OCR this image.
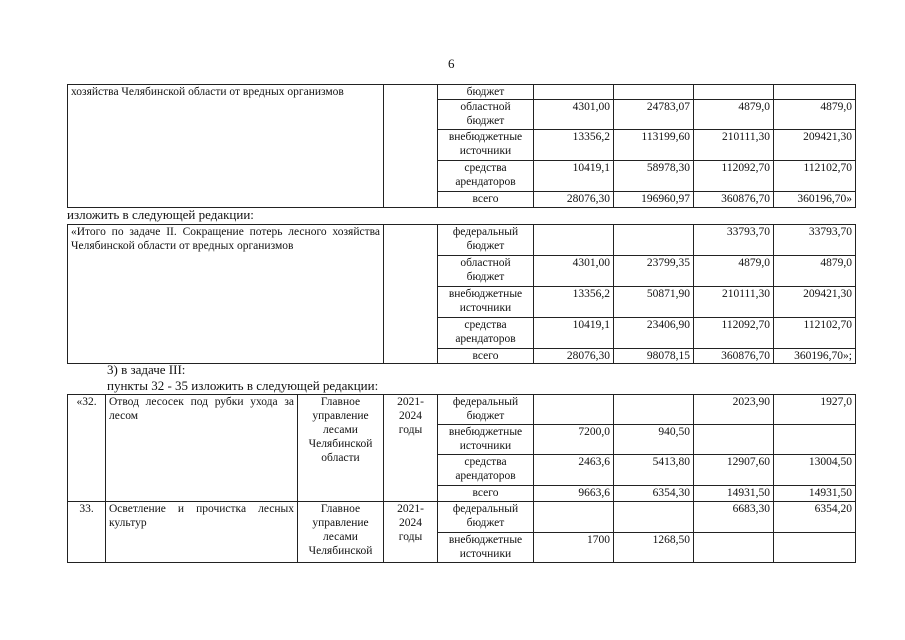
6
хозяйства Челябинской области от вредных организмов		бюджет				
		областной бюджет	4301,00	24783,07	4879,0	4879,0
		внебюджетные источники	13356,2	113199,60	210111,30	209421,30
		средства арендаторов	10419,1	58978,30	112092,70	112102,70
		всего	28076,30	196960,97	360876,70	360196,70»
изложить в следующей редакции:
«Итого по задаче II. Сокращение потерь лесного хозяйства Челябинской области от вредных организмов		федеральный бюджет			33793,70	33793,70
		областной бюджет	4301,00	23799,35	4879,0	4879,0
		внебюджетные источники	13356,2	50871,90	210111,30	209421,30
		средства арендаторов	10419,1	23406,90	112092,70	112102,70
		всего	28076,30	98078,15	360876,70	360196,70»;
3) в задаче III:
пункты 32 - 35 изложить в следующей редакции:
«32.	Отвод лесосек под рубки ухода за лесом	Главное управление лесами Челябинской области	2021-2024 годы	федеральный бюджет			2023,90	1927,0
				внебюджетные источники	7200,0	940,50		
				средства арендаторов	2463,6	5413,80	12907,60	13004,50
				всего	9663,6	6354,30	14931,50	14931,50
33.	Осветление и прочистка лесных культур	Главное управление лесами Челябинской	2021-2024 годы	федеральный бюджет			6683,30	6354,20
				внебюджетные источники	1700	1268,50		
